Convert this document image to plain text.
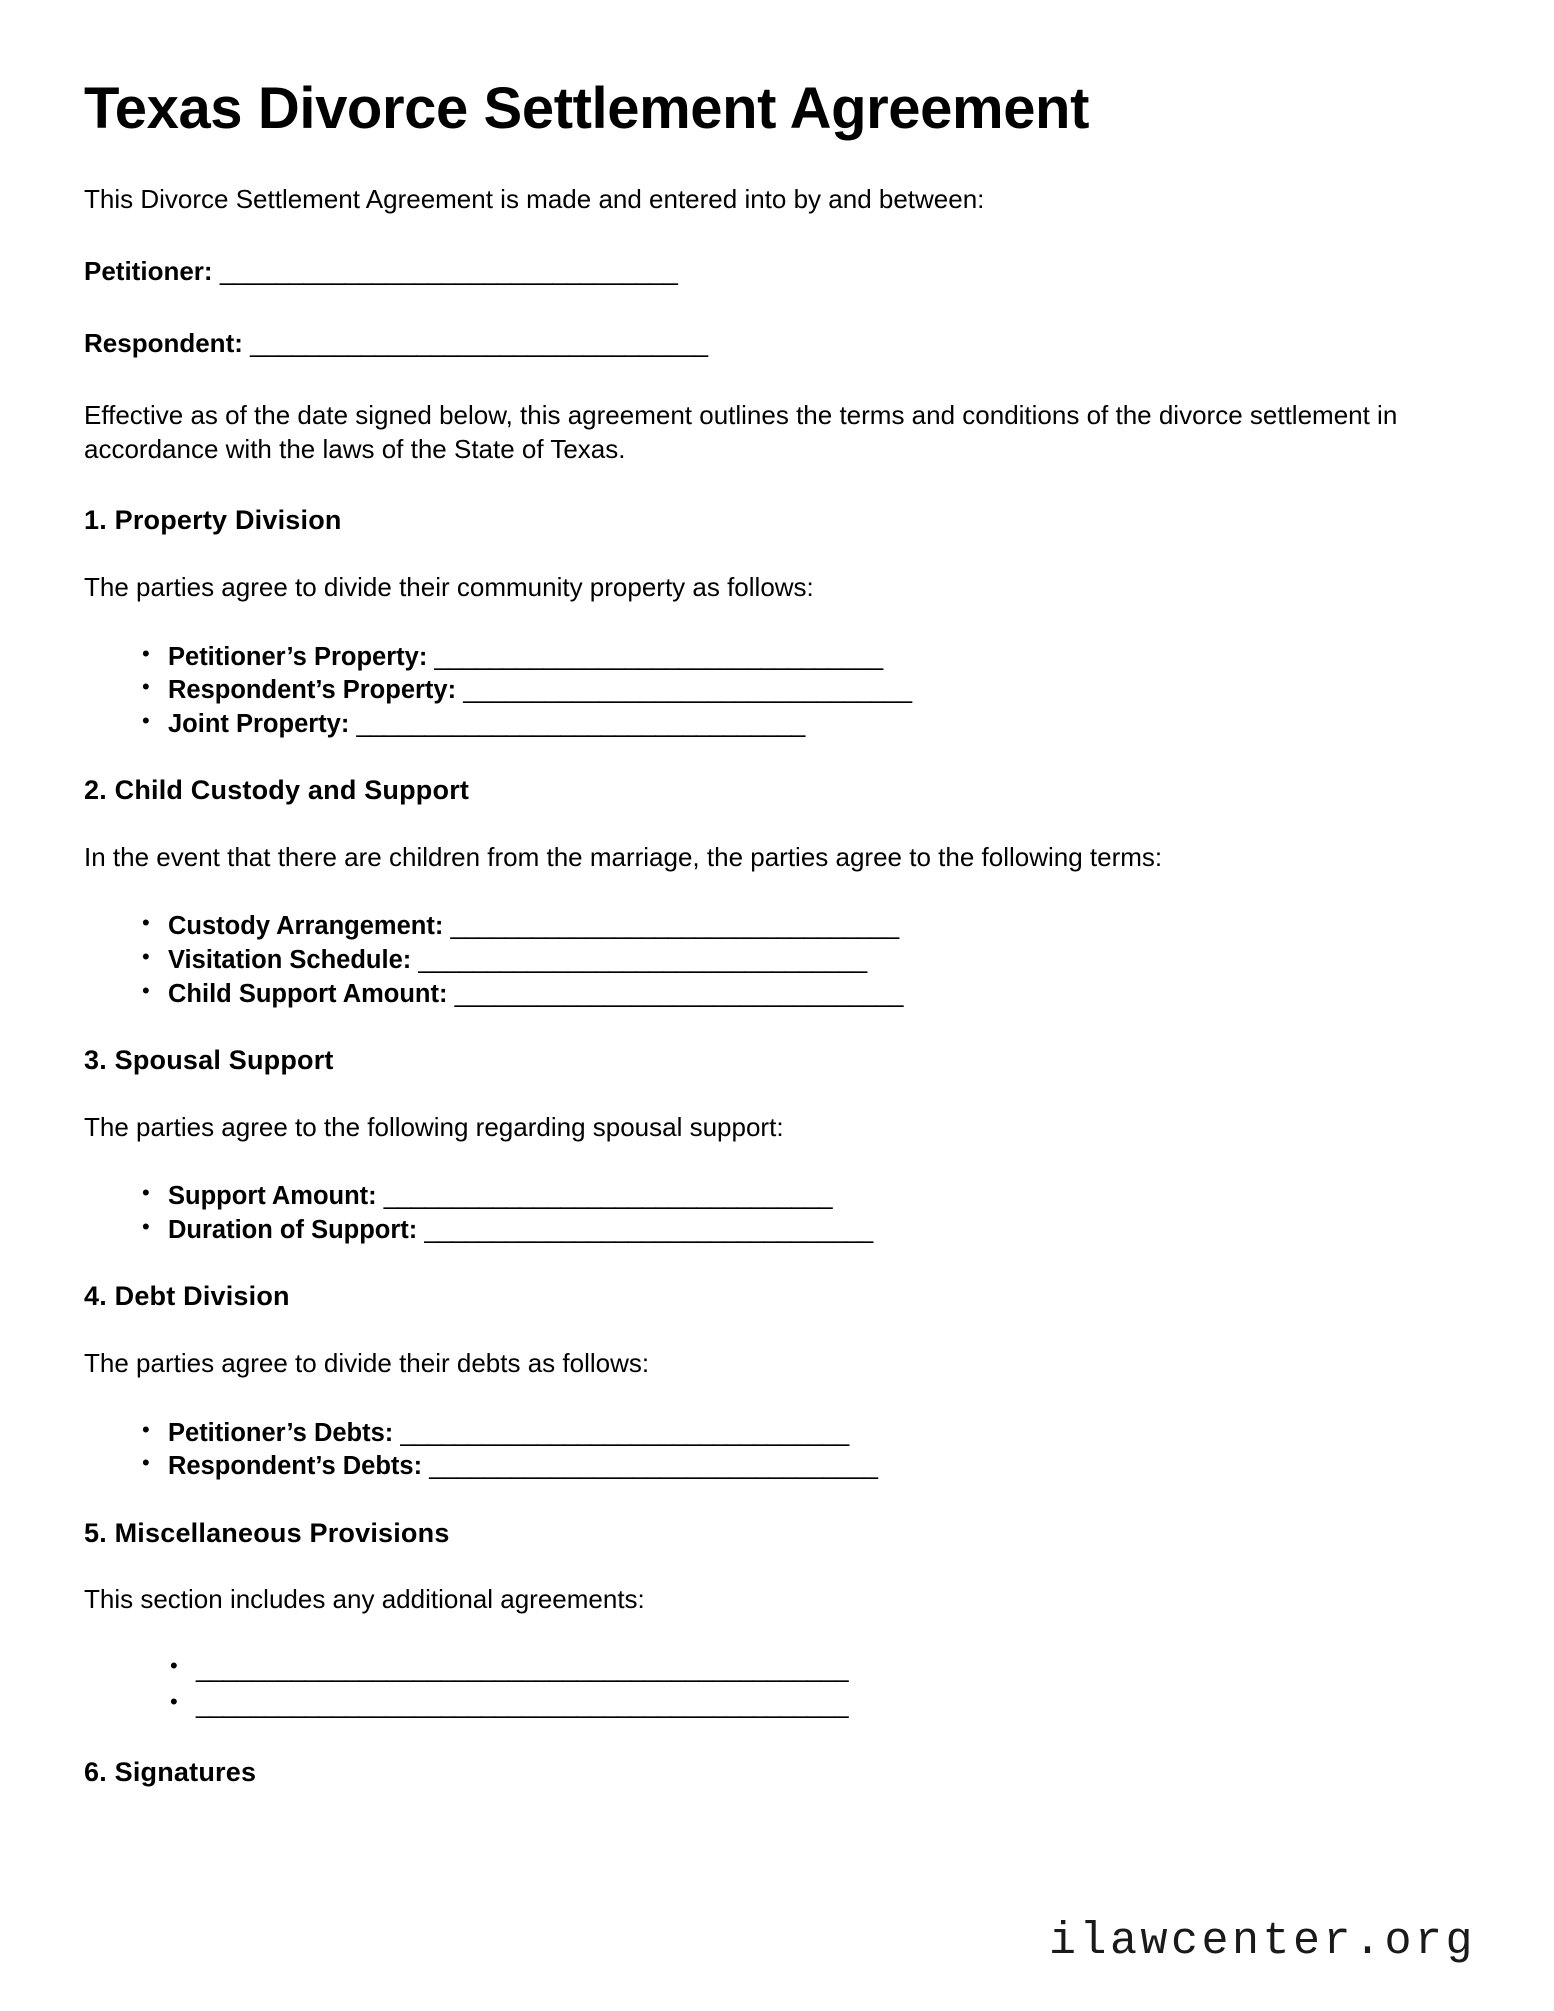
Texas Divorce Settlement Agreement

This Divorce Settlement Agreement is made and entered into by and between:

Petitioner: _________________________________

Respondent: _________________________________

Effective as of the date signed below, this agreement outlines the terms and conditions of the divorce settlement in accordance with the laws of the State of Texas.

1. Property Division

The parties agree to divide their community property as follows:

• Petitioner’s Property: _________________________________
• Respondent’s Property: _________________________________
• Joint Property: _________________________________
2. Child Custody and Support

In the event that there are children from the marriage, the parties agree to the following terms:

• Custody Arrangement: _________________________________
• Visitation Schedule: _________________________________
• Child Support Amount: _________________________________
3. Spousal Support

The parties agree to the following regarding spousal support:

• Support Amount: _________________________________
• Duration of Support: _________________________________
4. Debt Division

The parties agree to divide their debts as follows:

• Petitioner’s Debts: _________________________________
• Respondent’s Debts: _________________________________
5. Miscellaneous Provisions

This section includes any additional agreements:

• ________________________________________________
• ________________________________________________
6. Signatures
ilawcenter.org
